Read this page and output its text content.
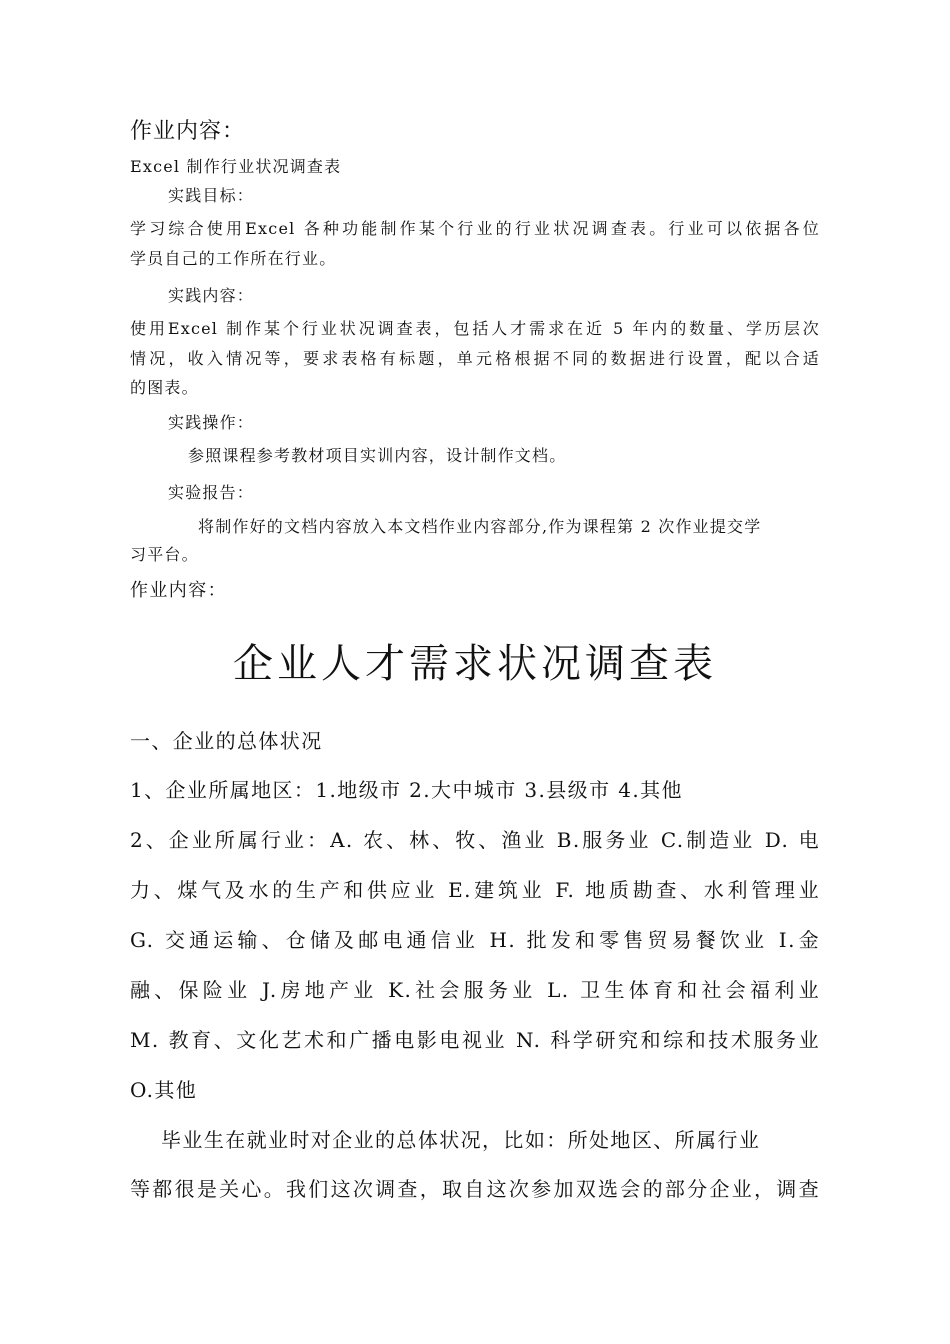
作业内容：
Excel 制作行业状况调查表
实践目标：
学习综合使用Excel 各种功能制作某个行业的行业状况调查表。行业可以依据各位
学员自己的工作所在行业。
实践内容：
使用Excel 制作某个行业状况调查表，包括人才需求在近 5 年内的数量、学历层次
情况，收入情况等，要求表格有标题，单元格根据不同的数据进行设置，配以合适
的图表。
实践操作：
参照课程参考教材项目实训内容，设计制作文档。
实验报告：
将制作好的文档内容放入本文档作业内容部分,作为课程第 2 次作业提交学
习平台。
作业内容：
企业人才需求状况调查表
一、企业的总体状况
1、企业所属地区：1.地级市 2.大中城市 3.县级市 4.其他
2、企业所属行业：A. 农、林、牧、渔业 B.服务业 C.制造业 D. 电
力、煤气及水的生产和供应业 E.建筑业 F. 地质勘查、水利管理业
G. 交通运输、仓储及邮电通信业 H. 批发和零售贸易餐饮业 I.金
融、保险业 J.房地产业 K.社会服务业 L. 卫生体育和社会福利业
M. 教育、文化艺术和广播电影电视业 N. 科学研究和综和技术服务业
O.其他
毕业生在就业时对企业的总体状况，比如：所处地区、所属行业
等都很是关心。我们这次调查，取自这次参加双选会的部分企业，调查
